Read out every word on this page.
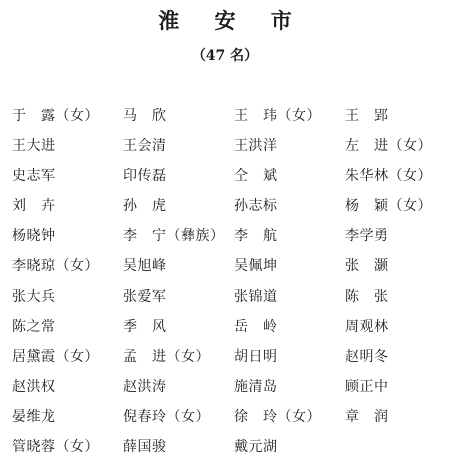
淮 安 市
（47 名）
于　露（女）	马　欣	王　玮（女）	王　郢
王大进	王会清	王洪洋	左　进（女）
史志军	印传磊	仝　斌	朱华林（女）
刘　卉	孙　虎	孙志标	杨　颖（女）
杨晓钟	李　宁（彝族） 李　航	李学勇
李晓琼（女）	吴旭峰	吴佩坤	张　灏
张大兵	张爱军	张锦道	陈　张
陈之常	季　风	岳　岭	周观林
居黛霞（女）	孟　进（女）	胡日明	赵明冬
赵洪权	赵洪涛	施清岛	顾正中
晏维龙	倪春玲（女）	徐　玲（女）	章　润
管晓蓉（女）	薛国骏	戴元湖
